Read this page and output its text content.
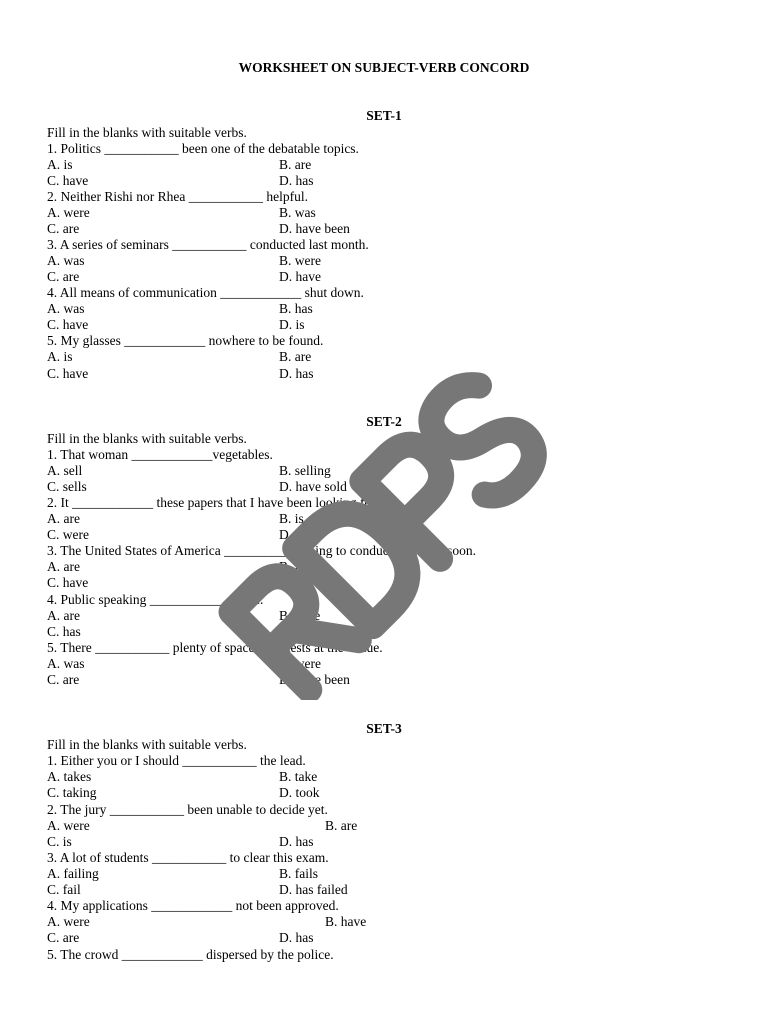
WORKSHEET ON SUBJECT-VERB CONCORD
SET-1
Fill in the blanks with suitable verbs.
1. Politics ___________ been one of the debatable topics.
A. is	B. are
C. have	D. has
2. Neither Rishi nor Rhea ___________ helpful.
A. were	B. was
C. are	D. have been
3. A series of seminars ___________ conducted last month.
A. was	B. were
C. are	D. have
4. All means of communication ____________ shut down.
A. was	B. has
C. have	D. is
5. My glasses ____________ nowhere to be found.
A. is	B. are
C. have	D. has
SET-2
Fill in the blanks with suitable verbs.
1. That woman ____________vegetables.
A. sell	B. selling
C. sells	D. have sold
2. It ____________ these papers that I have been looking for.
A. are	B. is
C. were	D. had
3. The United States of America ___________ going to conduct elections soon.
A. are	B. is
C. have	D. has
4. Public speaking ___________ a skill.
A. are	B. have
C. has	D. is
5. There ___________ plenty of space for guests at the venue.
A. was	B. were
C. are	D. have been
SET-3
Fill in the blanks with suitable verbs.
1. Either you or I should ___________ the lead.
A. takes	B. take
C. taking	D. took
2. The jury ___________ been unable to decide yet.
A. were	B. are
C. is	D. has
3. A lot of students ___________ to clear this exam.
A. failing	B. fails
C. fail	D. has failed
4. My applications ____________ not been approved.
A. were	B. have
C. are	D. has
5. The crowd ____________ dispersed by the police.
